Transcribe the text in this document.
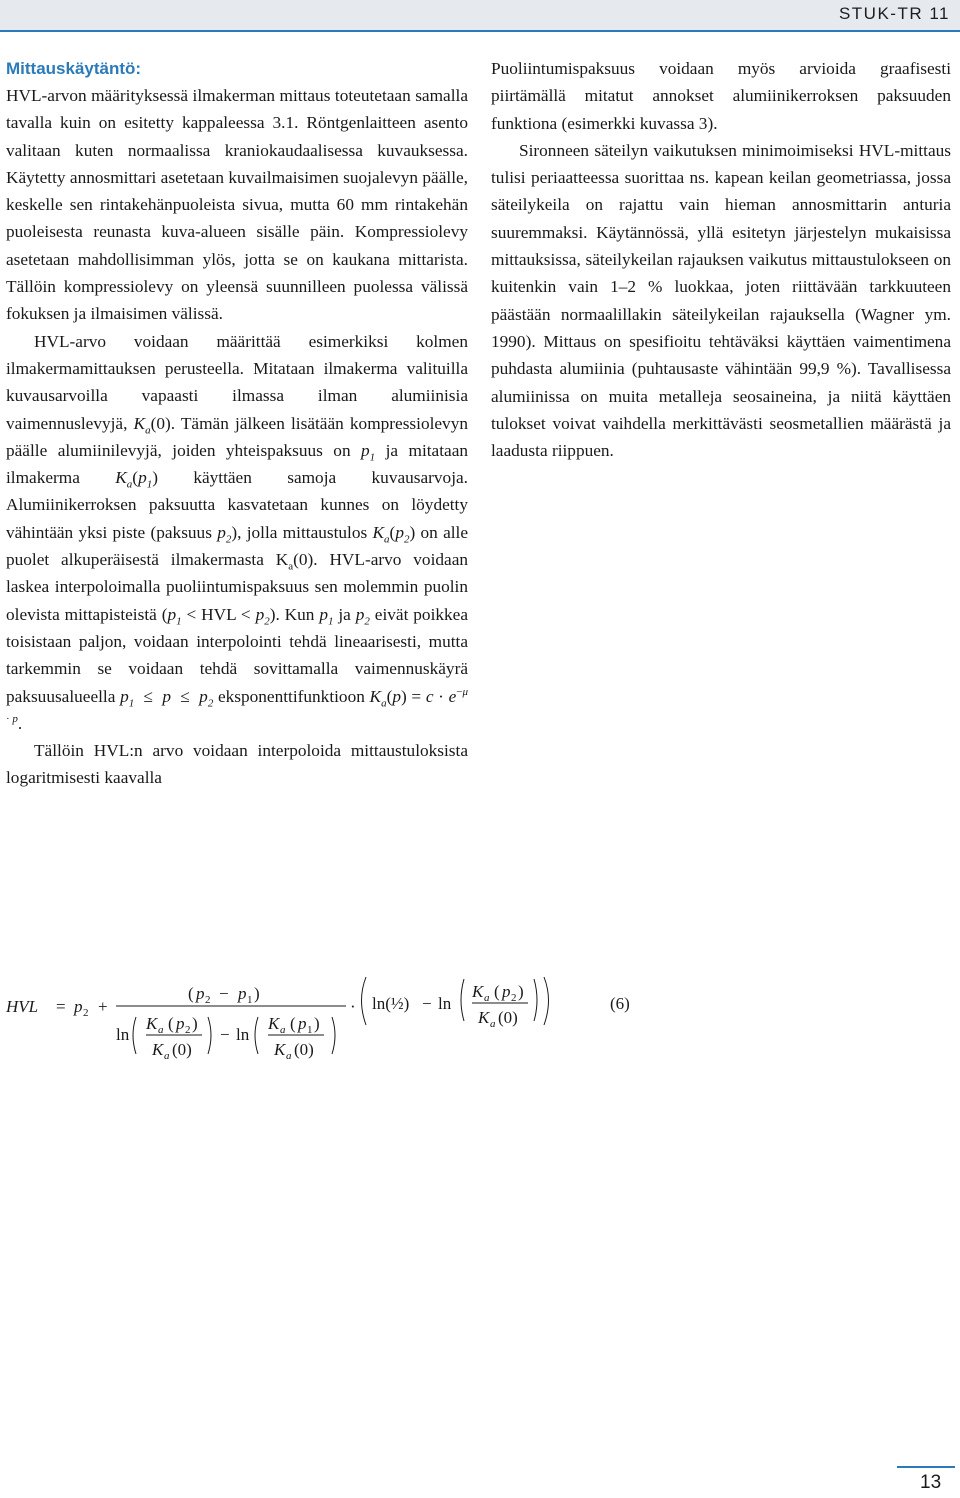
STUK-TR 11
Mittauskäytäntö:

HVL-arvon määrityksessä ilmakerman mittaus toteutetaan samalla tavalla kuin on esitetty kappaleessa 3.1. Röntgenlaitteen asento valitaan kuten normaalissa kraniokaudaalisessa kuvauksessa. Käytetty annosmittari asetetaan kuvailmaisimen suojalevyn päälle, keskelle sen rintakehänpuoleista sivua, mutta 60 mm rintakehän puoleisesta reunasta kuva-alueen sisälle päin. Kompressiolevy asetetaan mahdollisimman ylös, jotta se on kaukana mittarista. Tällöin kompressiolevy on yleensä suunnilleen puolessa välissä fokuksen ja ilmaisimen välissä.

HVL-arvo voidaan määrittää esimerkiksi kolmen ilmakermamittauksen perusteella. Mitataan ilmakerma valituilla kuvausarvoilla vapaasti ilmassa ilman alumiinisia vaimennuslevyjä, $K_a(0)$. Tämän jälkeen lisätään kompressiolevyn päälle alumiinilevyjä, joiden yhteispaksuus on $p_1$ ja mitataan ilmakerma $K_a(p_1)$ käyttäen samoja kuvausarvoja. Alumiinikerroksen paksuutta kasvatetaan kunnes on löydetty vähintään yksi piste (paksuus $p_2$), jolla mittaustulos $K_a(p_2)$ on alle puolet alkuperäisestä ilmakermasta $K_a(0)$. HVL-arvo voidaan laskea interpoloimalla puoliintumispaksuus sen molemmin puolin olevista mittapisteistä ($p_1$ < HVL < $p_2$). Kun $p_1$ ja $p_2$ eivät poikkea toisistaan paljon, voidaan interpolointi tehdä lineaarisesti, mutta tarkemmin se voidaan tehdä sovittamalla vaimennuskäyrä paksuusalueella $p_1 \le p \le p_2$ eksponenttifunktioon $K_a(p) = c \cdot e^{-\mu \cdot p}$.

Tällöin HVL:n arvo voidaan interpoloida mittaustuloksista logaritmisesti kaavalla

Puoliintumispaksuus voidaan myös arvioida graafisesti piirtämällä mitatut annokset alumiinikerroksen paksuuden funktiona (esimerkki kuvassa 3).

Sironneen säteilyn vaikutuksen minimoimiseksi HVL-mittaus tulisi periaatteessa suorittaa ns. kapean keilan geometriassa, jossa säteilykeila on rajattu vain hieman annosmittarin anturia suuremmaksi. Käytännössä, yllä esitetyn järjestelyn mukaisissa mittauksissa, säteilykeilan rajauksen vaikutus mittaustulokseen on kuitenkin vain 1–2 % luokkaa, joten riittävään tarkkuuteen päästään normaalillakin säteilykeilan rajauksella (Wagner ym. 1990). Mittaus on spesifioitu tehtäväksi käyttäen vaimentimena puhdasta alumiinia (puhtausaste vähintään 99,9 %). Tavallisessa alumiinissa on muita metalleja seosaineina, ja niitä käyttäen tulokset voivat vaihdella merkittävästi seosmetallien määrästä ja laadusta riippuen.

HVL = p 2 +
( p 2 − p 1 )
ln
K a ( p 2 )
K a (0)
− ln
K a ( p 1 )
K a (0)
· ln(½) − ln
K a ( p 2 )
K a (0)
(6)
13
